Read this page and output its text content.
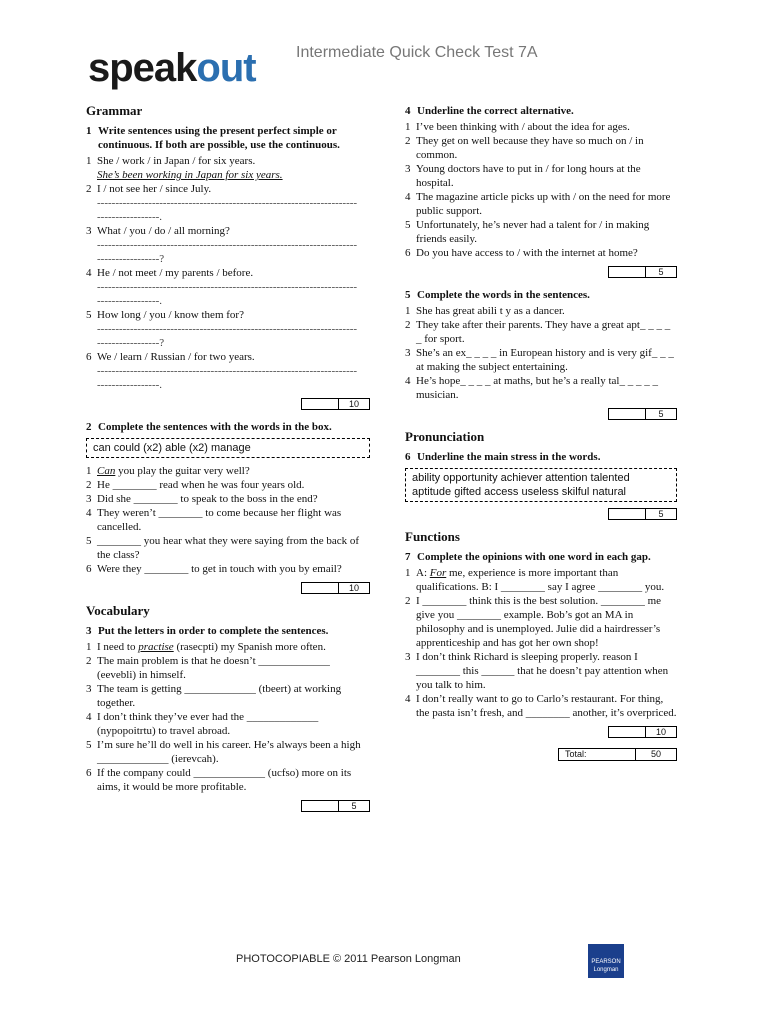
speakout	Intermediate Quick Check Test 7A
Grammar
1 Write sentences using the present perfect simple or continuous. If both are possible, use the continuous.
1 She / work / in Japan / for six years.
She’s been working in Japan for six years.
2 I / not see her / since July.
-----------------------------------------------------------------------
-----------------.
3 What / you / do / all morning?
-----------------------------------------------------------------------
-----------------?
4 He / not meet / my parents / before.
-----------------------------------------------------------------------
-----------------.
5 How long / you / know them for?
-----------------------------------------------------------------------
-----------------?
6 We / learn / Russian / for two years.
-----------------------------------------------------------------------
-----------------.
10
2 Complete the sentences with the words in the box.
can could (x2) able (x2) manage
1 Can you play the guitar very well?
2 He ________ read when he was four years old.
3 Did she ________ to speak to the boss in the end?
4 They weren’t ________ to come because her flight was cancelled.
5 ________ you hear what they were saying from the back of the class?
6 Were they ________ to get in touch with you by email?
10
Vocabulary
3 Put the letters in order to complete the sentences.
1 I need to practise (rasecpti) my Spanish more often.
2 The main problem is that he doesn’t _____________ (eevebli) in himself.
3 The team is getting _____________ (tbeert) at working together.
4 I don’t think they’ve ever had the _____________ (nypopoitrtu) to travel abroad.
5 I’m sure he’ll do well in his career. He’s always been a high _____________ (ierevcah).
6 If the company could _____________ (ucfso) more on its aims, it would be more profitable.
5
4 Underline the correct alternative.
1 I’ve been thinking with / about the idea for ages.
2 They get on well because they have so much on / in common.
3 Young doctors have to put in / for long hours at the hospital.
4 The magazine article picks up with / on the need for more public support.
5 Unfortunately, he’s never had a talent for / in making friends easily.
6 Do you have access to / with the internet at home?
5
5 Complete the words in the sentences.
1 She has great abili t y as a dancer.
2 They take after their parents. They have a great apt_ _ _ _ _ for sport.
3 She’s an ex_ _ _ _ in European history and is very gif_ _ _ at making the subject entertaining.
4 He’s hope_ _ _ _ at maths, but he’s a really tal_ _ _ _ _ musician.
5
Pronunciation
6 Underline the main stress in the words.
ability opportunity achiever attention talented aptitude gifted access useless skilful natural
5
Functions
7 Complete the opinions with one word in each gap.
1 A: For me, experience is more important than qualifications. B: I ________ say I agree ________ you.
2 I ________ think this is the best solution. ________ me give you ________ example. Bob’s got an MA in philosophy and is unemployed. Julie did a hairdresser’s apprenticeship and has got her own shop!
3 I don’t think Richard is sleeping properly. reason I ________ this ______ that he doesn’t pay attention when you talk to him.
4 I don’t really want to go to Carlo’s restaurant. For thing, the pasta isn’t fresh, and ________ another, it’s overpriced.
10
Total:	50
PHOTOCOPIABLE © 2011 Pearson Longman	PEARSON Longman
